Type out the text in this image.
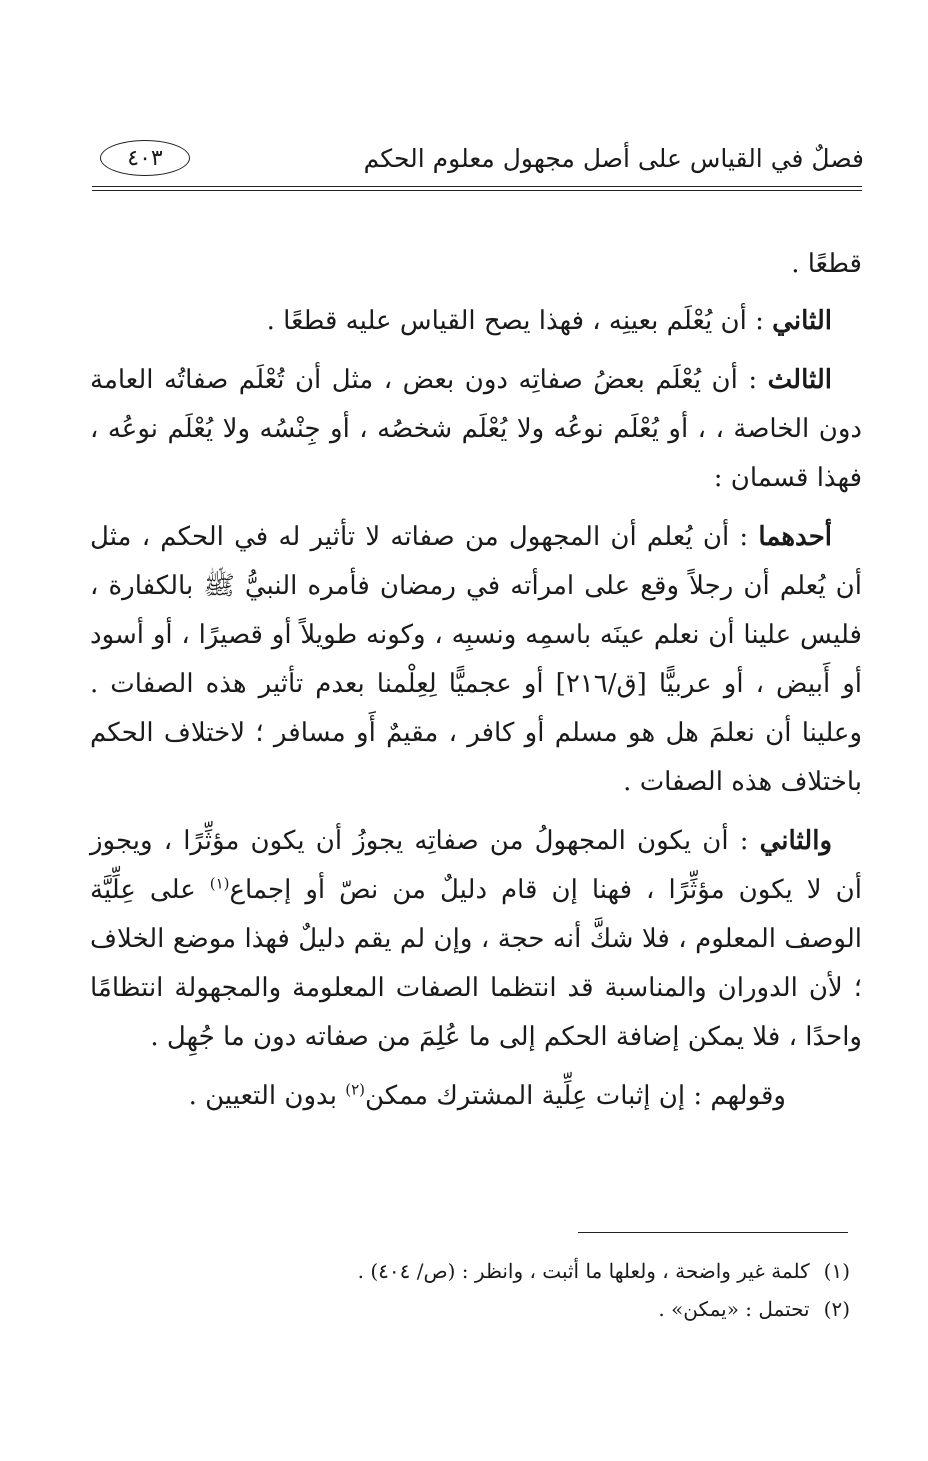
فصلٌ في القياس على أصل مجهول معلوم الحكم
٤٠٣

قطعًا .

الثاني : أن يُعْلَم بعينِه ، فهذا يصح القياس عليه قطعًا .

الثالث : أن يُعْلَم بعضُ صفاتِه دون بعض ، مثل أن تُعْلَم صفاتُه العامة دون الخاصة ، ، أو يُعْلَم نوعُه ولا يُعْلَم شخصُه ، أو جِنْسُه ولا يُعْلَم نوعُه ، فهذا قسمان :

أحدهما : أن يُعلم أن المجهول من صفاته لا تأثير له في الحكم ، مثل أن يُعلم أن رجلاً وقع على امرأته في رمضان فأمره النبيُّ ﷺ بالكفارة ، فليس علينا أن نعلم عينَه باسمِه ونسبِه ، وكونه طويلاً أو قصيرًا ، أو أسود أو أَبيض ، أو عربيًّا [ق/٢١٦] أو عجميًّا لِعِلْمنا بعدم تأثير هذه الصفات . وعلينا أن نعلمَ هل هو مسلم أو كافر ، مقيمٌ أَو مسافر ؛ لاختلاف الحكم باختلاف هذه الصفات .

والثاني : أن يكون المجهولُ من صفاتِه يجوزُ أن يكون مؤثِّرًا ، ويجوز أن لا يكون مؤثِّرًا ، فهنا إن قام دليلٌ من نصّ أو إجماع$^{(١)}$ على عِلِّيَّة الوصف المعلوم ، فلا شكَّ أنه حجة ، وإن لم يقم دليلٌ فهذا موضع الخلاف ؛ لأن الدوران والمناسبة قد انتظما الصفات المعلومة والمجهولة انتظامًا واحدًا ، فلا يمكن إضافة الحكم إلى ما عُلِمَ من صفاته دون ما جُهِل .

وقولهم : إن إثبات عِلِّية المشترك ممكن$^{(٢)}$ بدون التعيين .

(١)كلمة غير واضحة ، ولعلها ما أثبت ، وانظر : (ص/ ٤٠٤) .

(٢)تحتمل : «يمكن» .
